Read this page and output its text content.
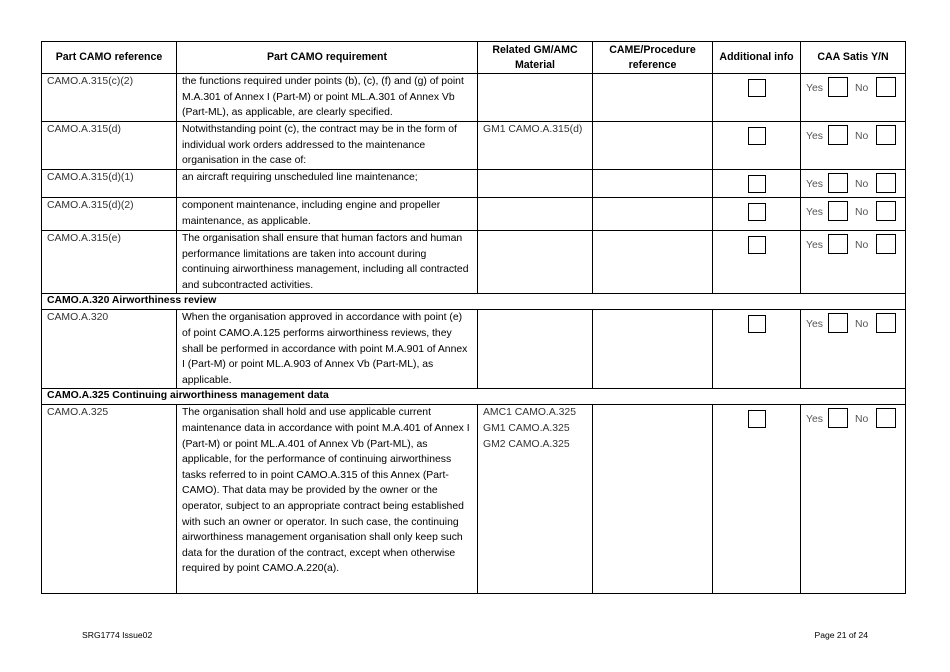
Part CAMO reference	Part CAMO requirement	Related GM/AMC Material	CAME/Procedure reference	Additional info	CAA Satis Y/N
CAMO.A.315(c)(2)	the functions required under points (b), (c), (f) and (g) of point M.A.301 of Annex I (Part-M) or point ML.A.301 of Annex Vb (Part-ML), as applicable, are clearly specified.				Yes No

CAMO.A.315(d)	Notwithstanding point (c), the contract may be in the form of individual work orders addressed to the maintenance organisation in the case of:	GM1 CAMO.A.315(d)			Yes No

CAMO.A.315(d)(1)	an aircraft requiring unscheduled line maintenance;				Yes No

CAMO.A.315(d)(2)	component maintenance, including engine and propeller maintenance, as applicable.				Yes No

CAMO.A.315(e)	The organisation shall ensure that human factors and human performance limitations are taken into account during continuing airworthiness management, including all contracted and subcontracted activities.				Yes No

CAMO.A.320 Airworthiness review					
CAMO.A.320	When the organisation approved in accordance with point (e) of point CAMO.A.125 performs airworthiness reviews, they shall be performed in accordance with point M.A.901 of Annex I (Part-M) or point ML.A.903 of Annex Vb (Part-ML), as applicable.				Yes No

CAMO.A.325 Continuing airworthiness management data					
CAMO.A.325	The organisation shall hold and use applicable current maintenance data in accordance with point M.A.401 of Annex I (Part-M) or point ML.A.401 of Annex Vb (Part-ML), as applicable, for the performance of continuing airworthiness tasks referred to in point CAMO.A.315 of this Annex (Part-CAMO). That data may be provided by the owner or the operator, subject to an appropriate contract being established with such an owner or operator. In such case, the continuing airworthiness management organisation shall only keep such data for the duration of the contract, except when otherwise required by point CAMO.A.220(a).	AMC1 CAMO.A.325 GM1 CAMO.A.325 GM2 CAMO.A.325			Yes No
SRG1774 Issue02	Page 21 of 24
